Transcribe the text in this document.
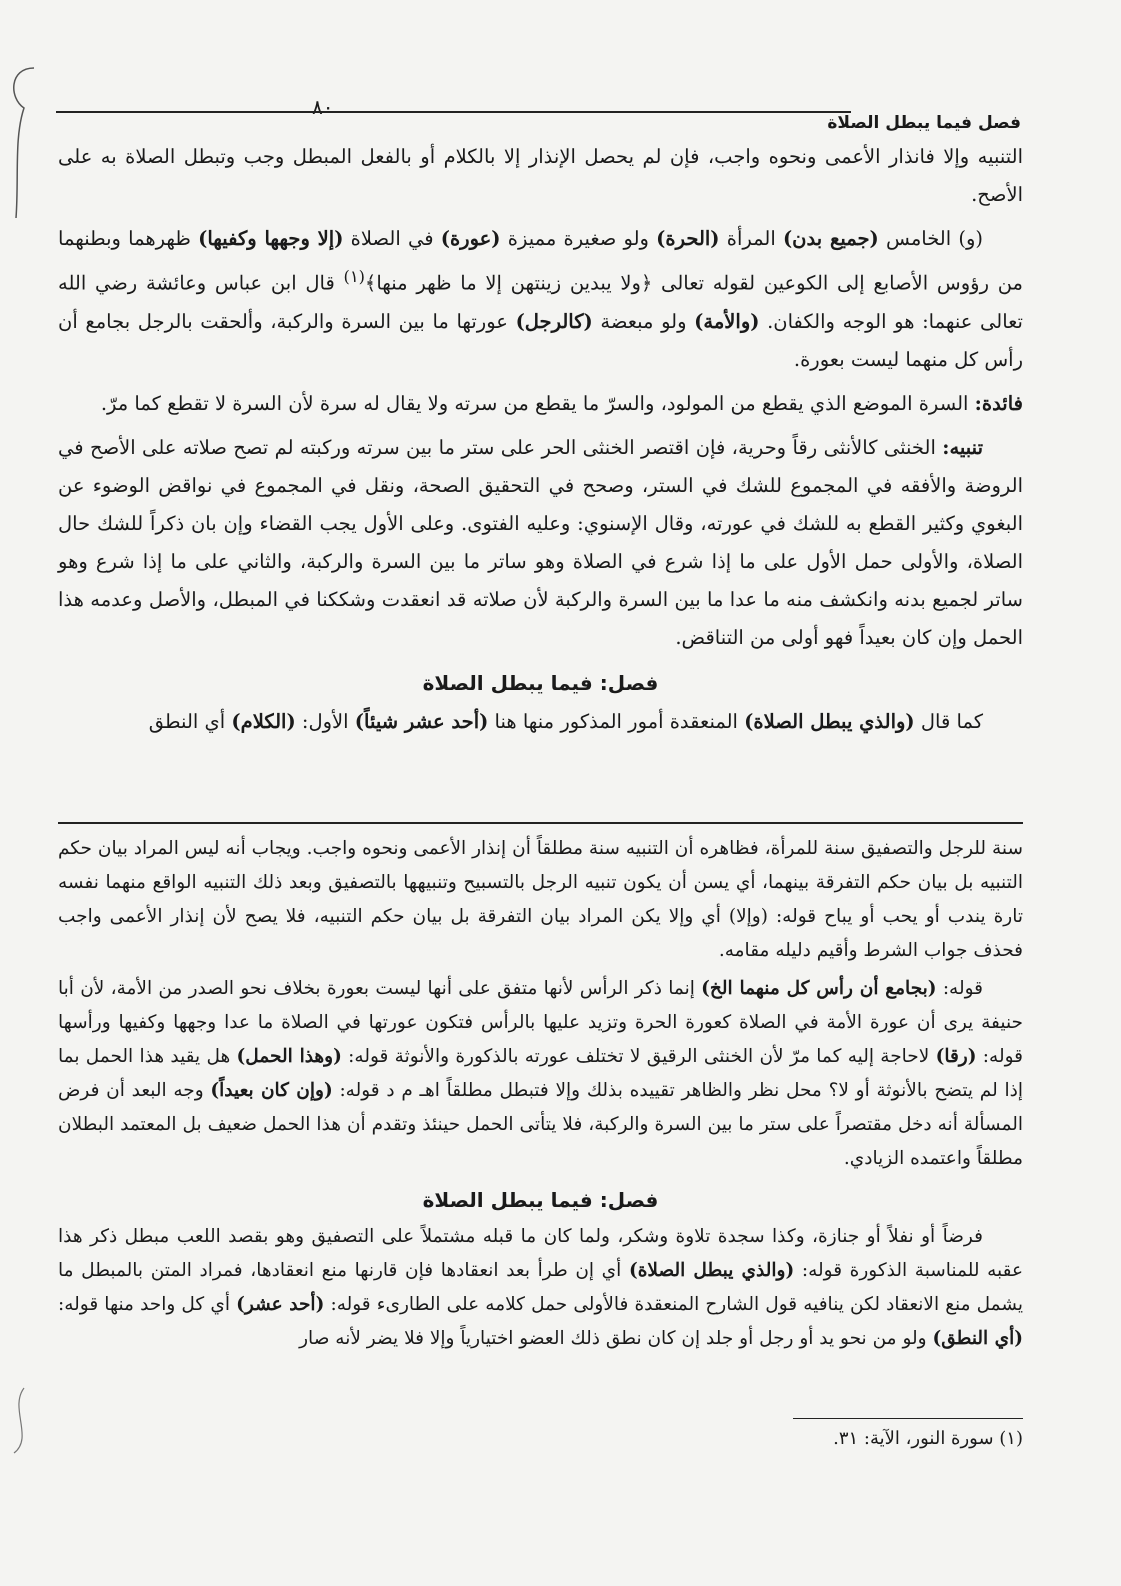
٨٠
فصل فيما يبطل الصلاة

التنبيه وإلا فانذار الأعمى ونحوه واجب، فإن لم يحصل الإنذار إلا بالكلام أو بالفعل المبطل وجب وتبطل الصلاة به على الأصح.

(و) الخامس (جميع بدن) المرأة (الحرة) ولو صغيرة مميزة (عورة) في الصلاة (إلا وجهها وكفيها) ظهرهما وبطنهما من رؤوس الأصابع إلى الكوعين لقوله تعالى ﴿ولا يبدين زينتهن إلا ما ظهر منها﴾$^{(١)}$ قال ابن عباس وعائشة رضي الله تعالى عنهما: هو الوجه والكفان. (والأمة) ولو مبعضة (كالرجل) عورتها ما بين السرة والركبة، وألحقت بالرجل بجامع أن رأس كل منهما ليست بعورة.

فائدة: السرة الموضع الذي يقطع من المولود، والسرّ ما يقطع من سرته ولا يقال له سرة لأن السرة لا تقطع كما مرّ.

تنبيه: الخنثى كالأنثى رقاً وحرية، فإن اقتصر الخنثى الحر على ستر ما بين سرته وركبته لم تصح صلاته على الأصح في الروضة والأفقه في المجموع للشك في الستر، وصحح في التحقيق الصحة، ونقل في المجموع في نواقض الوضوء عن البغوي وكثير القطع به للشك في عورته، وقال الإسنوي: وعليه الفتوى. وعلى الأول يجب القضاء وإن بان ذكراً للشك حال الصلاة، والأولى حمل الأول على ما إذا شرع في الصلاة وهو ساتر ما بين السرة والركبة، والثاني على ما إذا شرع وهو ساتر لجميع بدنه وانكشف منه ما عدا ما بين السرة والركبة لأن صلاته قد انعقدت وشككنا في المبطل، والأصل وعدمه هذا الحمل وإن كان بعيداً فهو أولى من التناقض.

فصل: فيما يبطل الصلاة

كما قال (والذي يبطل الصلاة) المنعقدة أمور المذكور منها هنا (أحد عشر شيئاً) الأول: (الكلام) أي النطق

سنة للرجل والتصفيق سنة للمرأة، فظاهره أن التنبيه سنة مطلقاً أن إنذار الأعمى ونحوه واجب. ويجاب أنه ليس المراد بيان حكم التنبيه بل بيان حكم التفرقة بينهما، أي يسن أن يكون تنبيه الرجل بالتسبيح وتنبيهها بالتصفيق وبعد ذلك التنبيه الواقع منهما نفسه تارة يندب أو يحب أو يباح قوله: (وإلا) أي وإلا يكن المراد بيان التفرقة بل بيان حكم التنبيه، فلا يصح لأن إنذار الأعمى واجب فحذف جواب الشرط وأقيم دليله مقامه.

قوله: (بجامع أن رأس كل منهما الخ) إنما ذكر الرأس لأنها متفق على أنها ليست بعورة بخلاف نحو الصدر من الأمة، لأن أبا حنيفة يرى أن عورة الأمة في الصلاة كعورة الحرة وتزيد عليها بالرأس فتكون عورتها في الصلاة ما عدا وجهها وكفيها ورأسها قوله: (رقا) لاحاجة إليه كما مرّ لأن الخنثى الرقيق لا تختلف عورته بالذكورة والأنوثة قوله: (وهذا الحمل) هل يقيد هذا الحمل بما إذا لم يتضح بالأنوثة أو لا؟ محل نظر والظاهر تقييده بذلك وإلا فتبطل مطلقاً اهـ م د قوله: (وإن كان بعيداً) وجه البعد أن فرض المسألة أنه دخل مقتصراً على ستر ما بين السرة والركبة، فلا يتأتى الحمل حينئذ وتقدم أن هذا الحمل ضعيف بل المعتمد البطلان مطلقاً واعتمده الزيادي.

فصل: فيما يبطل الصلاة

فرضاً أو نفلاً أو جنازة، وكذا سجدة تلاوة وشكر، ولما كان ما قبله مشتملاً على التصفيق وهو بقصد اللعب مبطل ذكر هذا عقبه للمناسبة الذكورة قوله: (والذي يبطل الصلاة) أي إن طرأ بعد انعقادها فإن قارنها منع انعقادها، فمراد المتن بالمبطل ما يشمل منع الانعقاد لكن ينافيه قول الشارح المنعقدة فالأولى حمل كلامه على الطارىء قوله: (أحد عشر) أي كل واحد منها قوله: (أي النطق) ولو من نحو يد أو رجل أو جلد إن كان نطق ذلك العضو اختيارياً وإلا فلا يضر لأنه صار

(١) سورة النور، الآية: ٣١.
